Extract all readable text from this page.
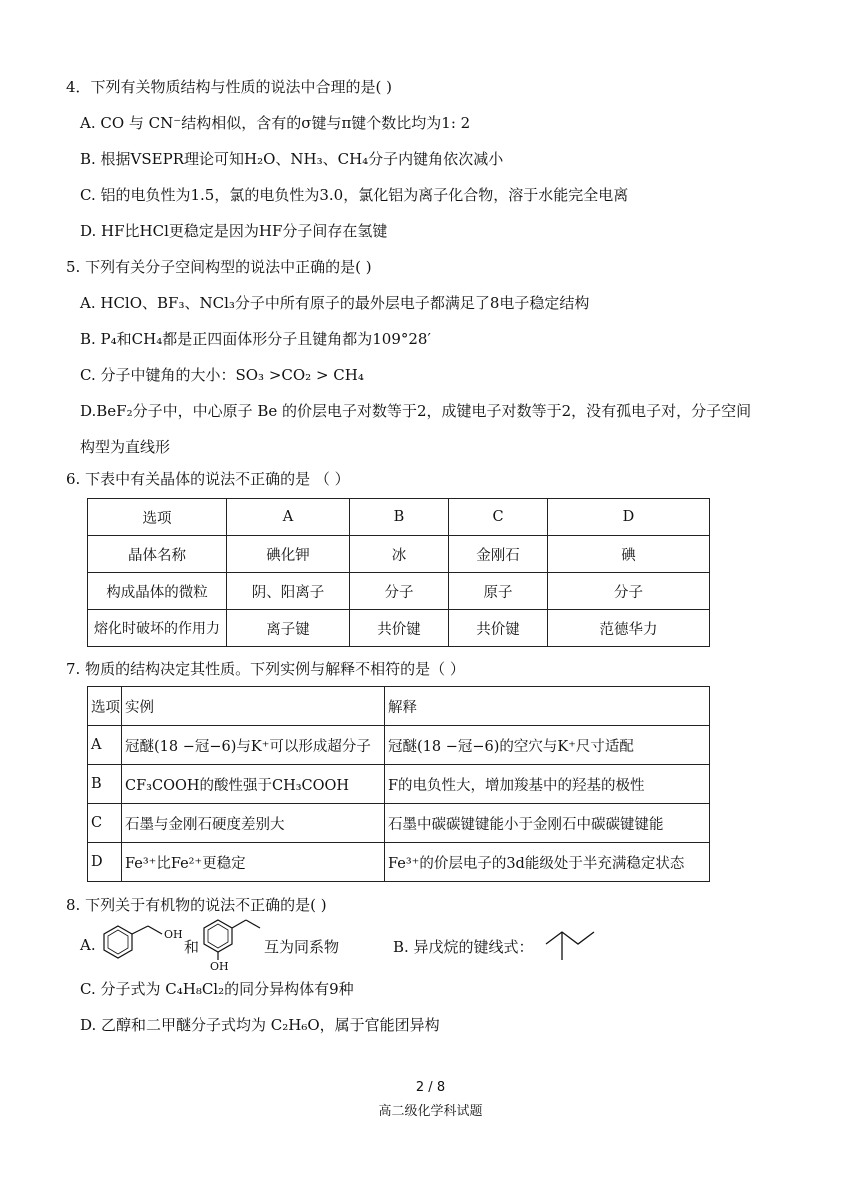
4．下列有关物质结构与性质的说法中合理的是( )
A. CO 与 CN⁻结构相似，含有的σ键与π键个数比均为1: 2
B. 根据VSEPR理论可知H₂O、NH₃、CH₄分子内键角依次减小
C. 铝的电负性为1.5，氯的电负性为3.0，氯化铝为离子化合物，溶于水能完全电离
D. HF比HCl更稳定是因为HF分子间存在氢键
5. 下列有关分子空间构型的说法中正确的是( )
A. HClO、BF₃、NCl₃分子中所有原子的最外层电子都满足了8电子稳定结构
B. P₄和CH₄都是正四面体形分子且键角都为109°28′
C. 分子中键角的大小：SO₃ >CO₂ > CH₄
D.BeF₂分子中，中心原子 Be 的价层电子对数等于2，成键电子对数等于2，没有孤电子对，分子空间
构型为直线形
6. 下表中有关晶体的说法不正确的是 （ ）
选项	A	B	C	D
晶体名称	碘化钾	冰	金刚石	碘
构成晶体的微粒	阴、阳离子	分子	原子	分子
熔化时破坏的作用力	离子键	共价键	共价键	范德华力
7. 物质的结构决定其性质。下列实例与解释不相符的是（ ）
选项	实例	解释
A	冠醚(18 −冠−6)与K⁺可以形成超分子	冠醚(18 −冠−6)的空穴与K⁺尺寸适配
B	CF₃COOH的酸性强于CH₃COOH	F的电负性大，增加羧基中的羟基的极性
C	石墨与金刚石硬度差别大	石墨中碳碳键键能小于金刚石中碳碳键键能
D	Fe³⁺比Fe²⁺更稳定	Fe³⁺的价层电子的3d能级处于半充满稳定状态
8. 下列关于有机物的说法不正确的是( )
A.
OH
和
OH
互为同系物	B. 异戊烷的键线式：
C. 分子式为 C₄H₈Cl₂的同分异构体有9种
D. 乙醇和二甲醚分子式均为 C₂H₆O，属于官能团异构
2 / 8
高二级化学科试题
